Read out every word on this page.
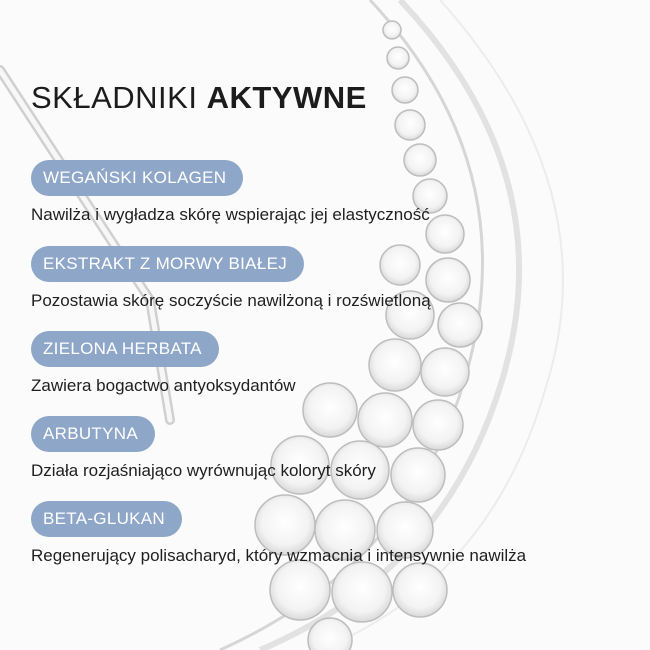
SKŁADNIKI AKTYWNE
WEGAŃSKI KOLAGEN
Nawilża i wygładza skórę wspierając jej elastyczność
EKSTRAKT Z MORWY BIAŁEJ
Pozostawia skórę soczyście nawilżoną i rozświetloną
ZIELONA HERBATA
Zawiera bogactwo antyoksydantów
ARBUTYNA
Działa rozjaśniająco wyrównując koloryt skóry
BETA-GLUKAN
Regenerujący polisacharyd, który wzmacnia i intensywnie nawilża
